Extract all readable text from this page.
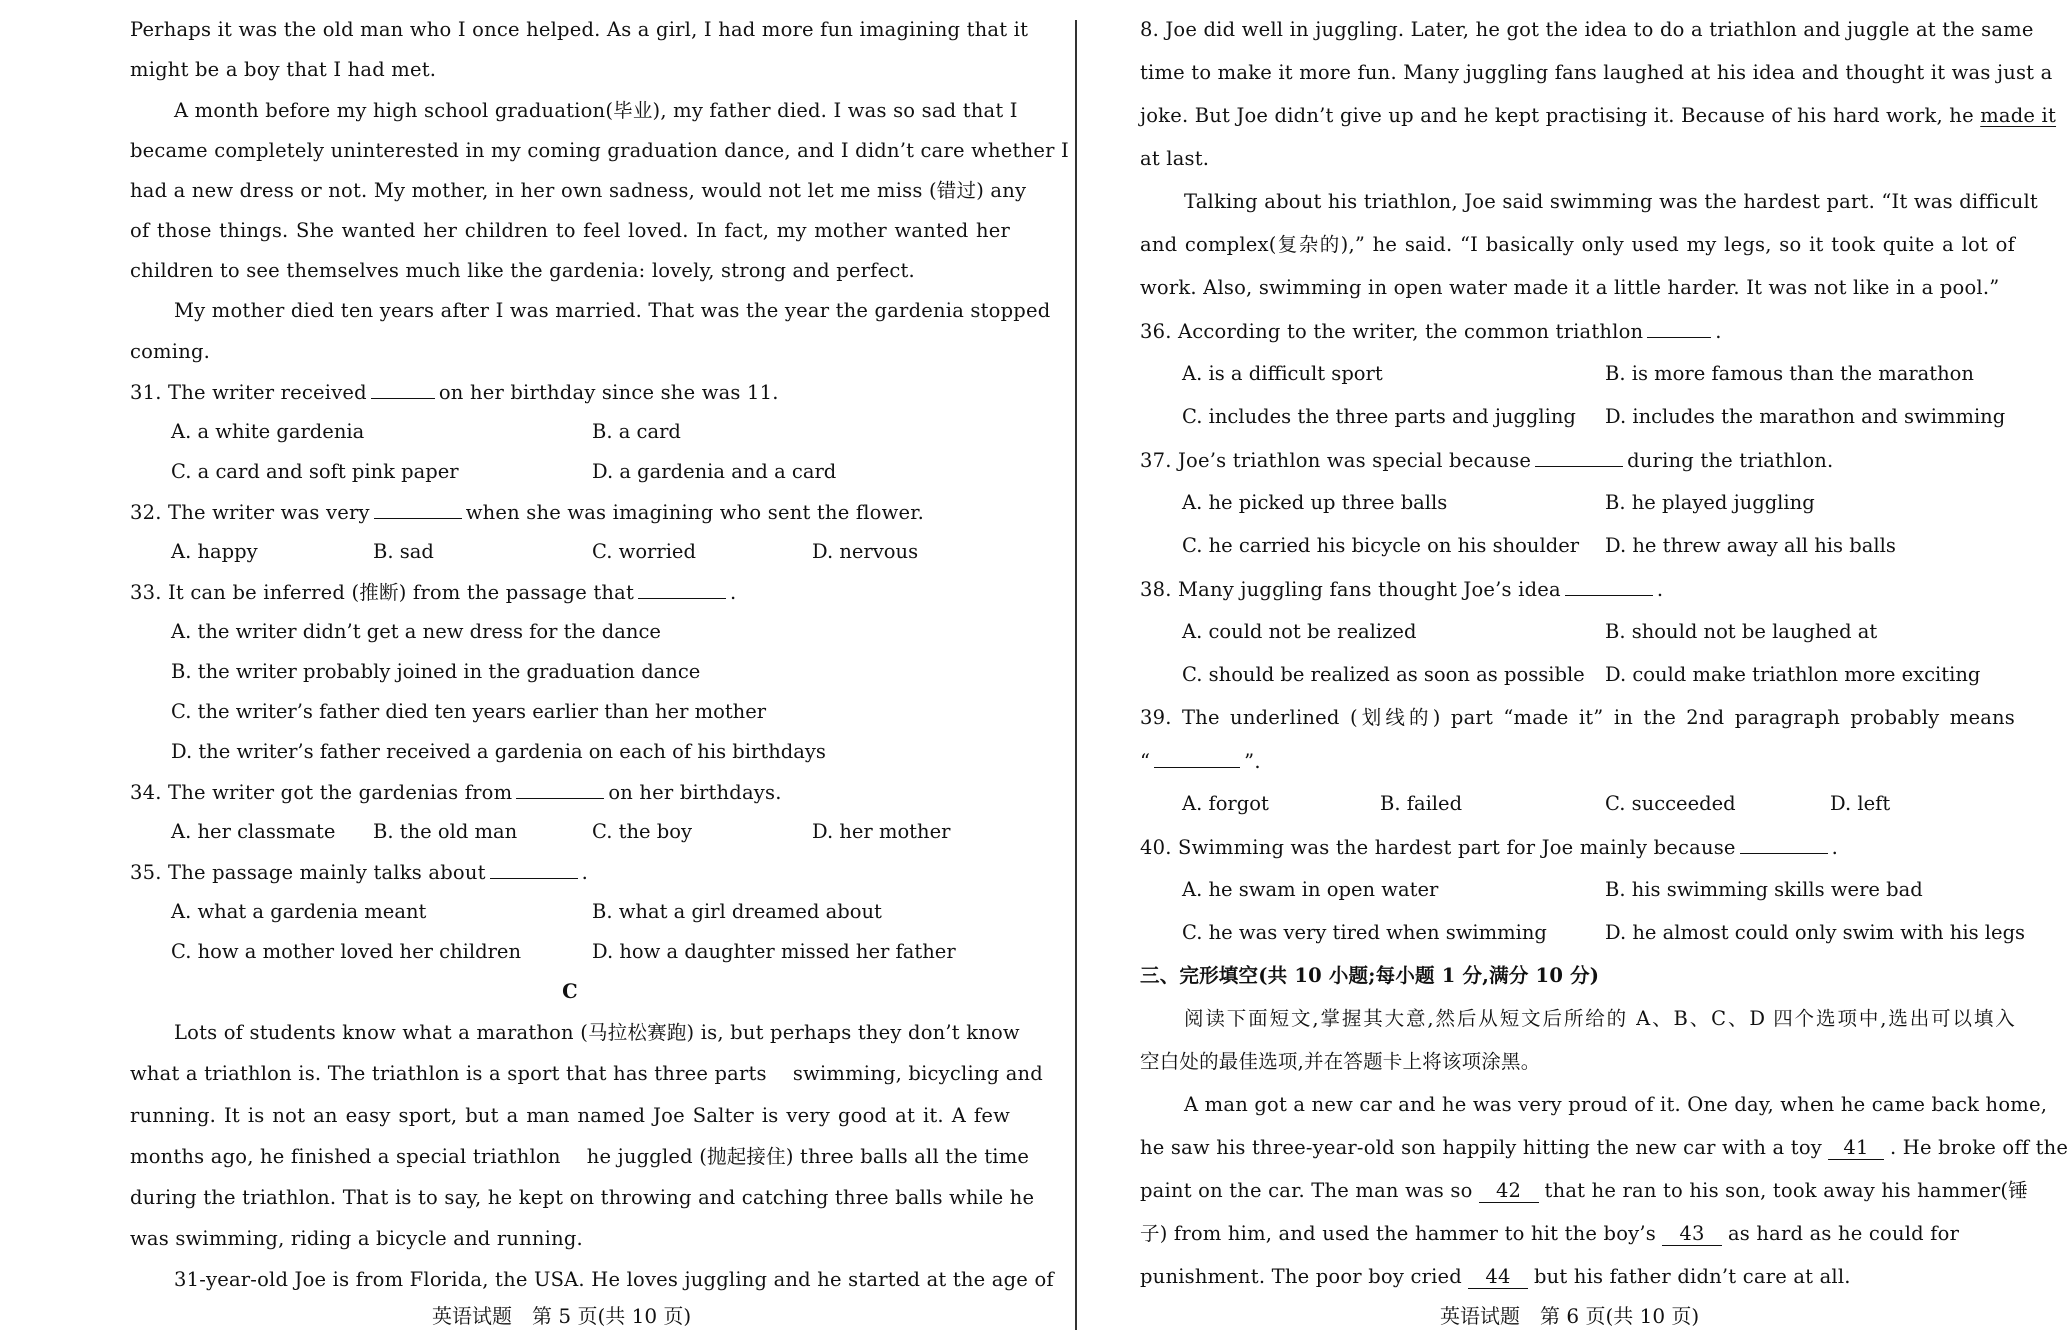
Perhaps it was the old man who I once helped. As a girl, I had more fun imagining that it
might be a boy that I had met.
A month before my high school graduation(毕业), my father died. I was so sad that I
became completely uninterested in my coming graduation dance, and I didn’t care whether I
had a new dress or not. My mother, in her own sadness, would not let me miss (错过) any
of those things. She wanted her children to feel loved. In fact, my mother wanted her
children to see themselves much like the gardenia: lovely, strong and perfect.
My mother died ten years after I was married. That was the year the gardenia stopped
coming.
31. The writer received	on her birthday since she was 11.
A. a white gardenia	B. a card
C. a card and soft pink paper	D. a gardenia and a card
32. The writer was very	when she was imagining who sent the flower.
A. happy	B. sad	C. worried	D. nervous
33. It can be inferred (推断) from the passage that	.
A. the writer didn’t get a new dress for the dance
B. the writer probably joined in the graduation dance
C. the writer’s father died ten years earlier than her mother
D. the writer’s father received a gardenia on each of his birthdays
34. The writer got the gardenias from	on her birthdays.
A. her classmate B. the old man	C. the boy	D. her mother
35. The passage mainly talks about	.
A. what a gardenia meant	B. what a girl dreamed about
C. how a mother loved her children	D. how a daughter missed her father
C
Lots of students know what a marathon (马拉松赛跑) is, but perhaps they don’t know
what a triathlon is. The triathlon is a sport that has three parts　 swimming, bicycling and
running. It is not an easy sport, but a man named Joe Salter is very good at it. A few
months ago, he finished a special triathlon　 he juggled (抛起接住) three balls all the time
during the triathlon. That is to say, he kept on throwing and catching three balls while he
was swimming, riding a bicycle and running.
31-year-old Joe is from Florida, the USA. He loves juggling and he started at the age of
英语试题　第 5 页(共 10 页)
8. Joe did well in juggling. Later, he got the idea to do a triathlon and juggle at the same
time to make it more fun. Many juggling fans laughed at his idea and thought it was just a
joke. But Joe didn’t give up and he kept practising it. Because of his hard work, he made it
at last.
Talking about his triathlon, Joe said swimming was the hardest part. “It was difficult
and complex(复杂的),” he said. “I basically only used my legs, so it took quite a lot of
work. Also, swimming in open water made it a little harder. It was not like in a pool.”
36. According to the writer, the common triathlon	.
A. is a difficult sport	B. is more famous than the marathon
C. includes the three parts and juggling D. includes the marathon and swimming
37. Joe’s triathlon was special because	during the triathlon.
A. he picked up three balls	B. he played juggling
C. he carried his bicycle on his shoulder D. he threw away all his balls
38. Many juggling fans thought Joe’s idea	.
A. could not be realized	B. should not be laughed at
C. should be realized as soon as possible D. could make triathlon more exciting
39. The underlined (划线的) part “made it” in the 2nd paragraph probably means
“	”.
A. forgot	B. failed	C. succeeded	D. left
40. Swimming was the hardest part for Joe mainly because	.
A. he swam in open water	B. his swimming skills were bad
C. he was very tired when swimming	D. he almost could only swim with his legs
三、完形填空(共 10 小题;每小题 1 分,满分 10 分)
阅读下面短文,掌握其大意,然后从短文后所给的 A、B、C、D 四个选项中,选出可以填入
空白处的最佳选项,并在答题卡上将该项涂黑。
A man got a new car and he was very proud of it. One day, when he came back home,
he saw his three-year-old son happily hitting the new car with a toy 41 . He broke off the
paint on the car. The man was so 42 that he ran to his son, took away his hammer(锤
子) from him, and used the hammer to hit the boy’s 43 as hard as he could for
punishment. The poor boy cried 44 but his father didn’t care at all.
英语试题　第 6 页(共 10 页)
